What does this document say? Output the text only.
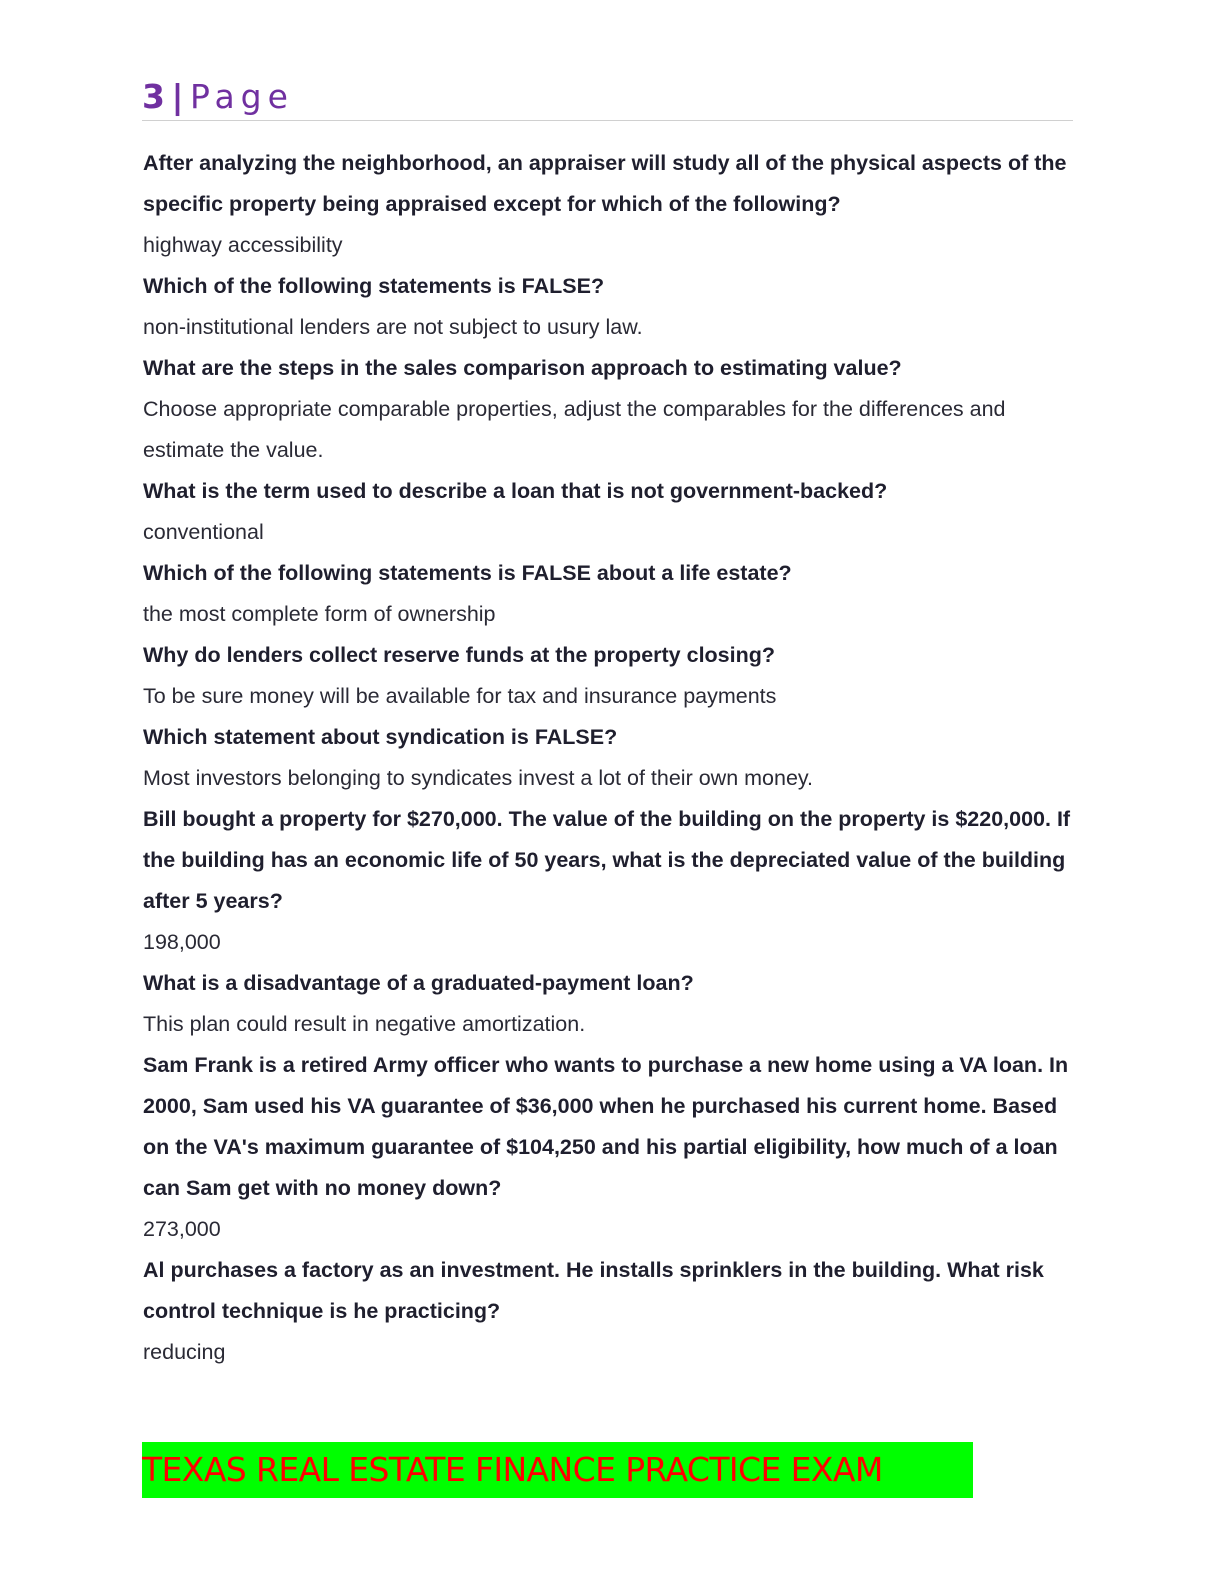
3 | Page

After analyzing the neighborhood, an appraiser will study all of the physical aspects of the specific property being appraised except for which of the following?

highway accessibility

Which of the following statements is FALSE?

non-institutional lenders are not subject to usury law.

What are the steps in the sales comparison approach to estimating value?

Choose appropriate comparable properties, adjust the comparables for the differences and estimate the value.

What is the term used to describe a loan that is not government-backed?

conventional

Which of the following statements is FALSE about a life estate?

the most complete form of ownership

Why do lenders collect reserve funds at the property closing?

To be sure money will be available for tax and insurance payments

Which statement about syndication is FALSE?

Most investors belonging to syndicates invest a lot of their own money.

Bill bought a property for $270,000. The value of the building on the property is $220,000. If the building has an economic life of 50 years, what is the depreciated value of the building after 5 years?

198,000

What is a disadvantage of a graduated-payment loan?

This plan could result in negative amortization.

Sam Frank is a retired Army officer who wants to purchase a new home using a VA loan. In 2000, Sam used his VA guarantee of $36,000 when he purchased his current home. Based on the VA's maximum guarantee of $104,250 and his partial eligibility, how much of a loan can Sam get with no money down?

273,000

Al purchases a factory as an investment. He installs sprinklers in the building. What risk control technique is he practicing?

reducing

TEXAS REAL ESTATE FINANCE PRACTICE EXAM
